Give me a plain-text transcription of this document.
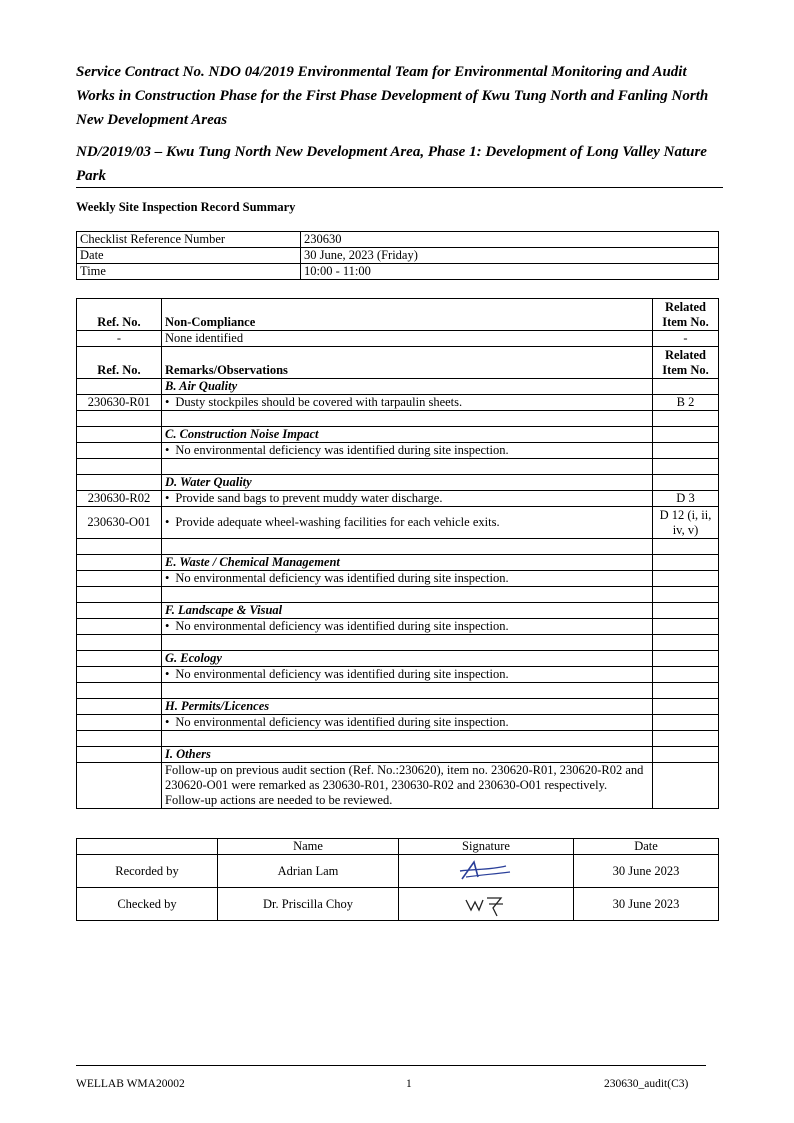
Service Contract No. NDO 04/2019 Environmental Team for Environmental Monitoring and Audit Works in Construction Phase for the First Phase Development of Kwu Tung North and Fanling North New Development Areas

ND/2019/03 – Kwu Tung North New Development Area, Phase 1: Development of Long Valley Nature Park

Weekly Site Inspection Record Summary
Checklist Reference Number	230630
Date	30 June, 2023 (Friday)
Time	10:00 - 11:00
Ref. No.	Non-Compliance	Related Item No.
-	None identified	-
Ref. No.	Remarks/Observations	Related Item No.
	B. Air Quality	
230630-R01	• Dusty stockpiles should be covered with tarpaulin sheets.	B 2

	C. Construction Noise Impact	
	• No environmental deficiency was identified during site inspection.	

	D. Water Quality	
230630-R02	• Provide sand bags to prevent muddy water discharge.	D 3
230630-O01	• Provide adequate wheel-washing facilities for each vehicle exits.	D 12 (i, ii, iv, v)

	E. Waste / Chemical Management	
	• No environmental deficiency was identified during site inspection.	

	F. Landscape & Visual	
	• No environmental deficiency was identified during site inspection.	

	G. Ecology	
	• No environmental deficiency was identified during site inspection.	

	H. Permits/Licences	
	• No environmental deficiency was identified during site inspection.	

	I. Others	
	Follow-up on previous audit section (Ref. No.:230620), item no. 230620-R01, 230620-R02 and 230620-O01 were remarked as 230630-R01, 230630-R02 and 230630-O01 respectively. Follow-up actions are needed to be reviewed.	
	Name	Signature	Date
Recorded by	Adrian Lam		30 June 2023
Checked by	Dr. Priscilla Choy		30 June 2023
WELLAB WMA20002	1	230630_audit(C3)
